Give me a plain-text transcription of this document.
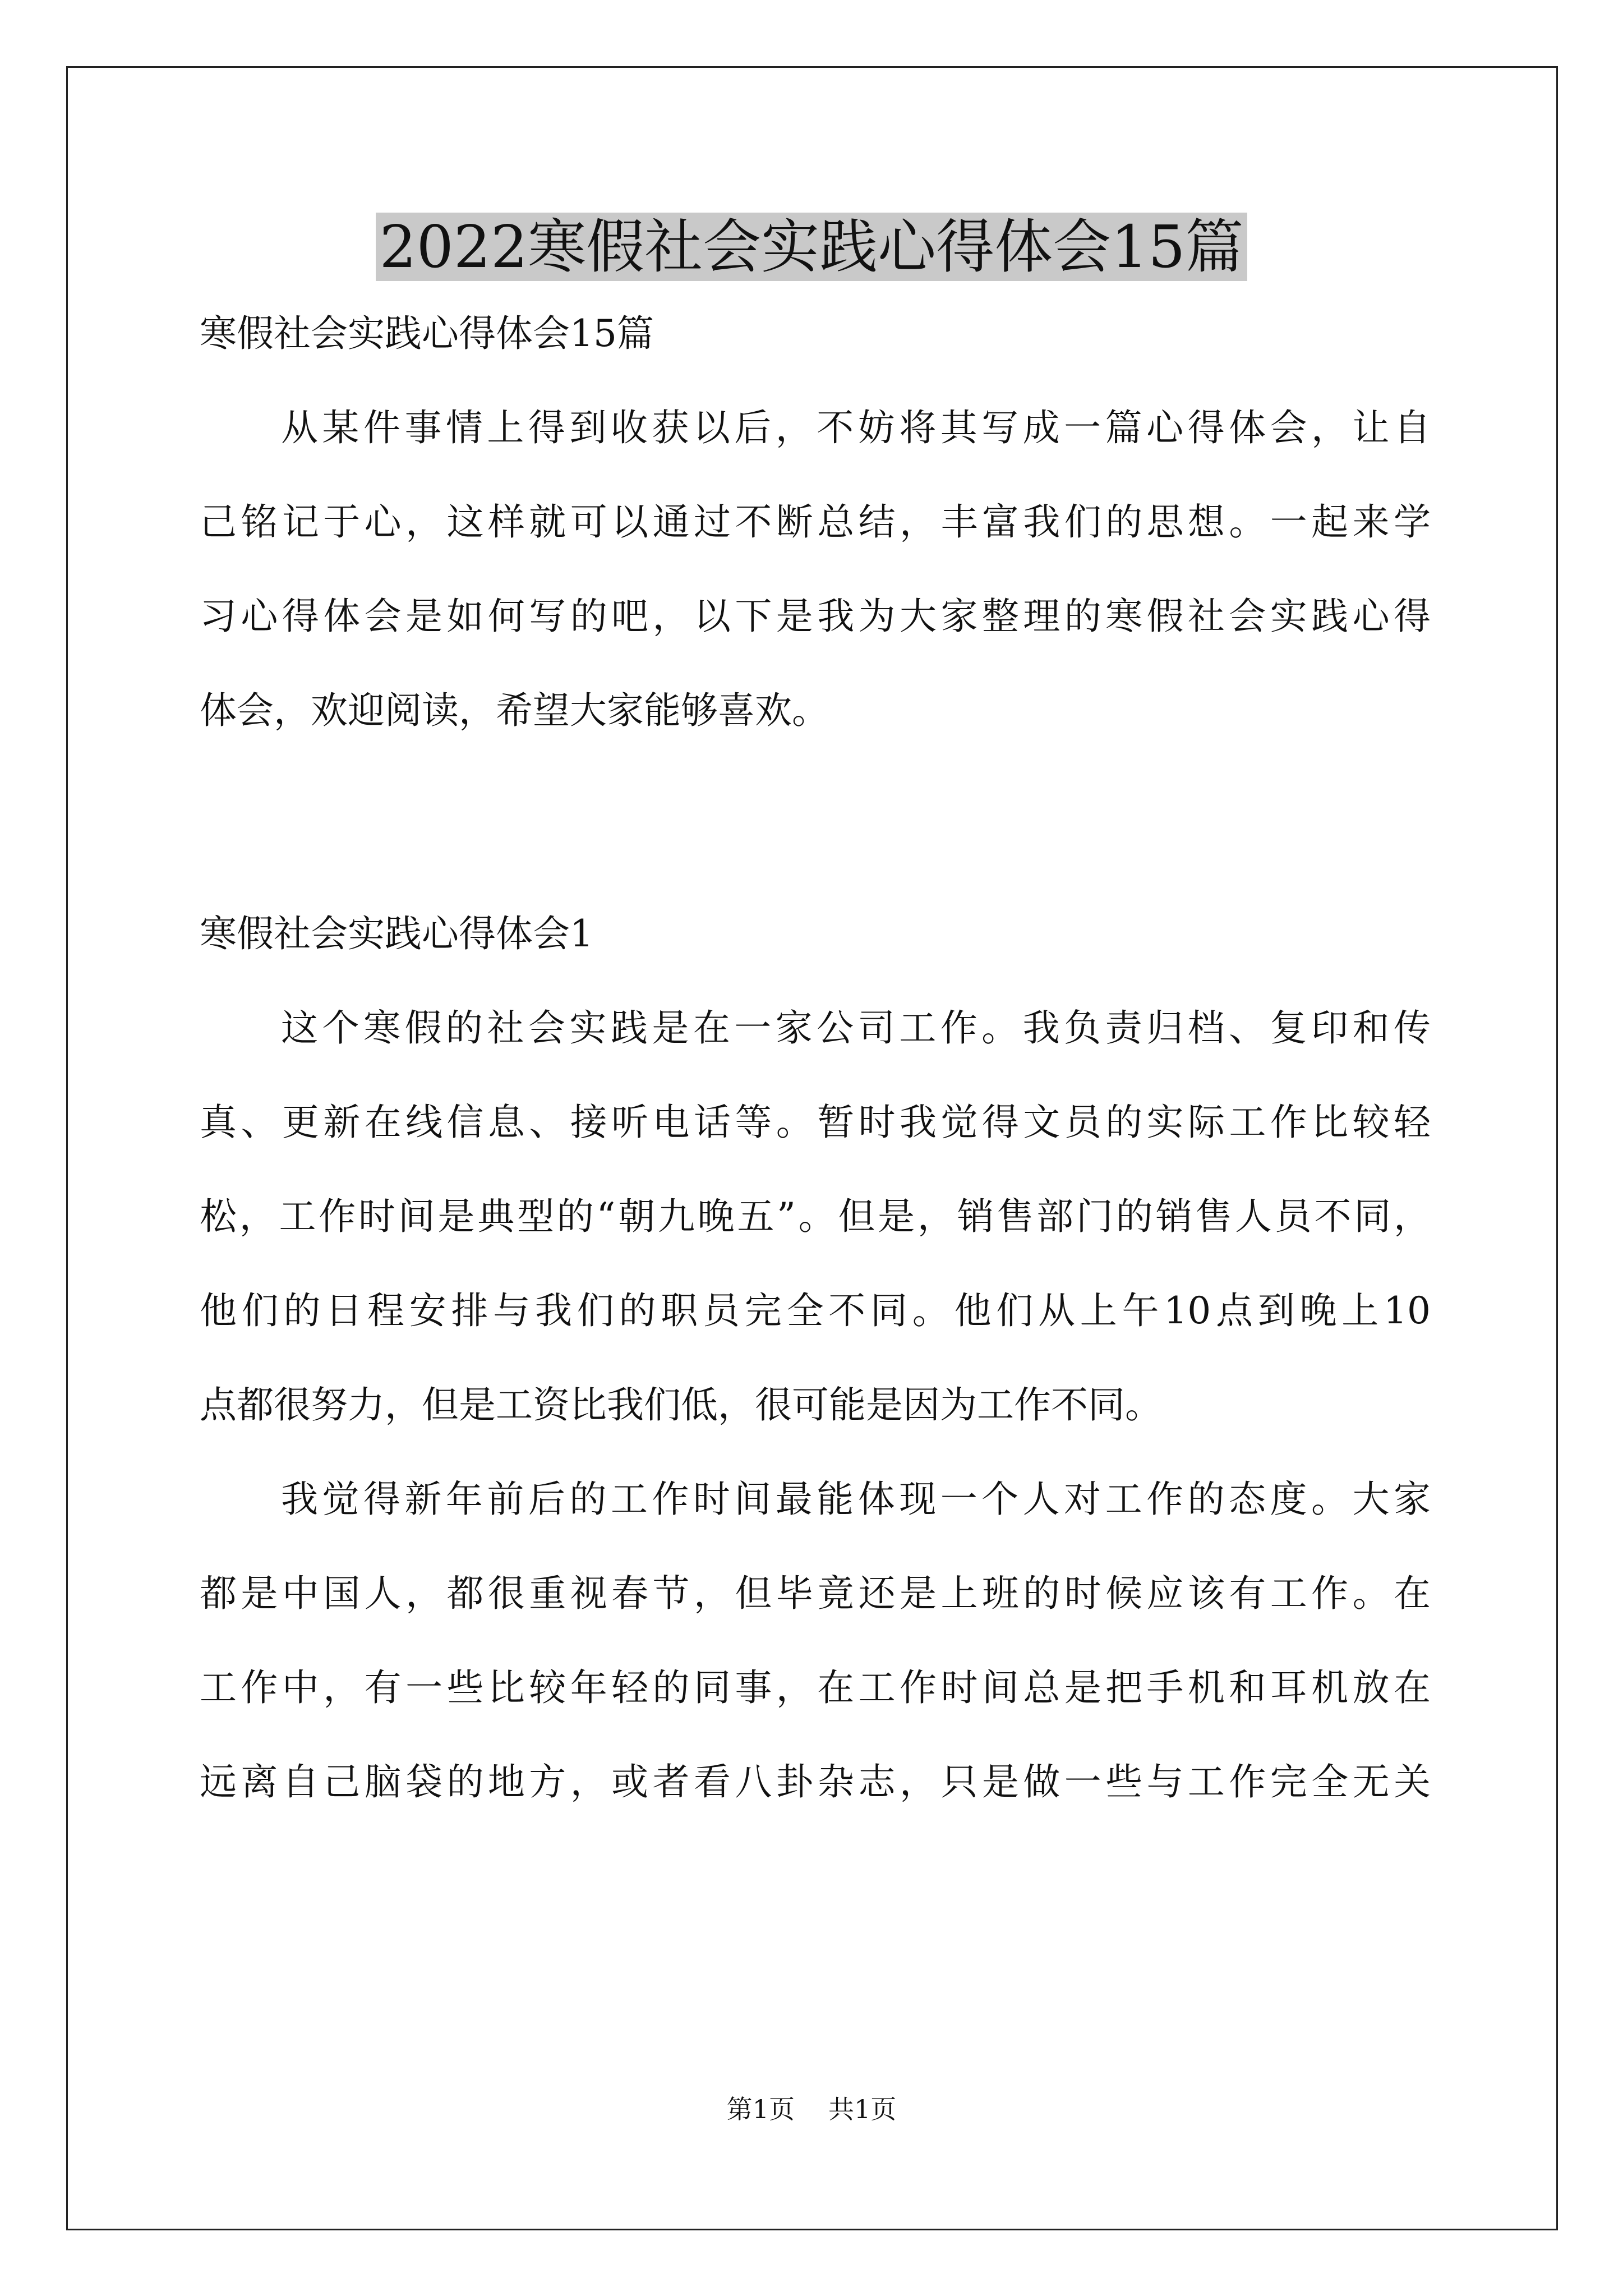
2022寒假社会实践心得体会15篇
寒假社会实践心得体会15篇
从某件事情上得到收获以后，不妨将其写成一篇心得体会，让自
己铭记于心，这样就可以通过不断总结，丰富我们的思想。一起来学
习心得体会是如何写的吧，以下是我为大家整理的寒假社会实践心得
体会，欢迎阅读，希望大家能够喜欢。
寒假社会实践心得体会1
这个寒假的社会实践是在一家公司工作。我负责归档、复印和传
真、更新在线信息、接听电话等。暂时我觉得文员的实际工作比较轻
松，工作时间是典型的“朝九晚五”。但是，销售部门的销售人员不同，
他们的日程安排与我们的职员完全不同。他们从上午10点到晚上10
点都很努力，但是工资比我们低，很可能是因为工作不同。
我觉得新年前后的工作时间最能体现一个人对工作的态度。大家
都是中国人，都很重视春节，但毕竟还是上班的时候应该有工作。在
工作中，有一些比较年轻的同事，在工作时间总是把手机和耳机放在
远离自己脑袋的地方，或者看八卦杂志，只是做一些与工作完全无关
第1页 共1页
